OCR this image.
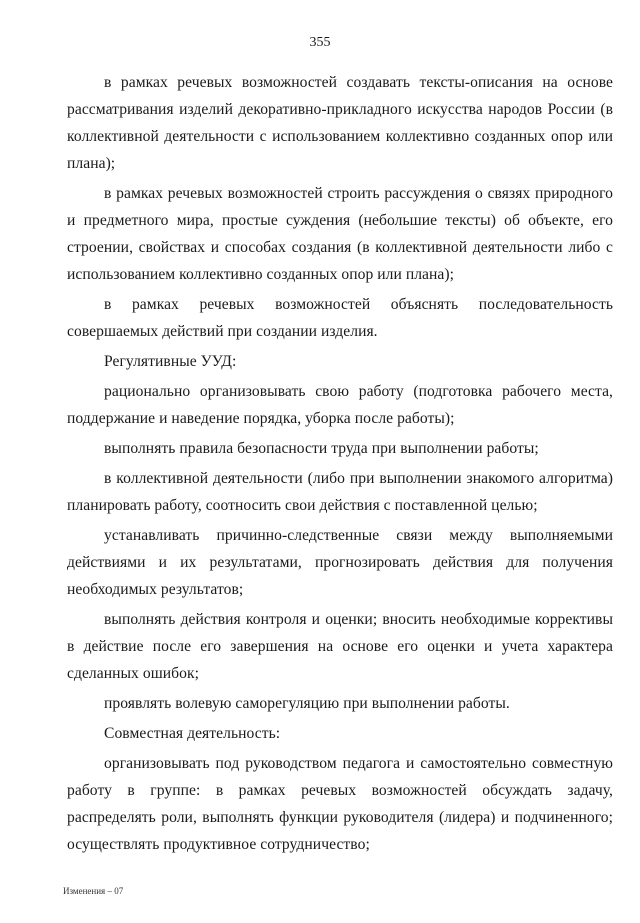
355

в рамках речевых возможностей создавать тексты-описания на основе рассматривания изделий декоративно-прикладного искусства народов России (в коллективной деятельности с использованием коллективно созданных опор или плана);

в рамках речевых возможностей строить рассуждения о связях природного и предметного мира, простые суждения (небольшие тексты) об объекте, его строении, свойствах и способах создания (в коллективной деятельности либо с использованием коллективно созданных опор или плана);

в рамках речевых возможностей объяснять последовательность совершаемых действий при создании изделия.

Регулятивные УУД:

рационально организовывать свою работу (подготовка рабочего места, поддержание и наведение порядка, уборка после работы);

выполнять правила безопасности труда при выполнении работы;

в коллективной деятельности (либо при выполнении знакомого алгоритма) планировать работу, соотносить свои действия с поставленной целью;

устанавливать причинно-следственные связи между выполняемыми действиями и их результатами, прогнозировать действия для получения необходимых результатов;

выполнять действия контроля и оценки; вносить необходимые коррективы в действие после его завершения на основе его оценки и учета характера сделанных ошибок;

проявлять волевую саморегуляцию при выполнении работы.

Совместная деятельность:

организовывать под руководством педагога и самостоятельно совместную работу в группе: в рамках речевых возможностей обсуждать задачу, распределять роли, выполнять функции руководителя (лидера) и подчиненного; осуществлять продуктивное сотрудничество;

Изменения – 07
